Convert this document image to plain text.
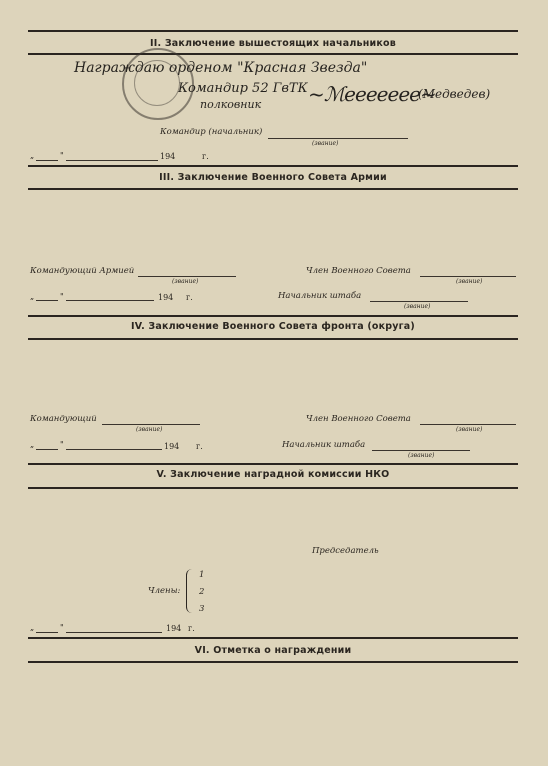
II. Заключение вышестоящих начальников
Награждаю орденом "Красная Звезда"
Командир 52 ГвТК
полковник ~ℳеееееее~
(Медведев)
Командир (начальник)
(звание)
„	"	194	г.
III. Заключение Военного Совета Армии
Командующий Армией
(звание)
Член Военного Совета
(звание)
„	"	194 г.	Начальник штаба
(звание)
IV. Заключение Военного Совета фронта (округа)
Командующий
(звание)
Член Военного Совета
(звание)
„	"	194 г.	Начальник штаба
(звание)
V. Заключение наградной комиссии НКО
Председатель
Члены:
1
2
3
„	"	194 г.
VI. Отметка о награждении
